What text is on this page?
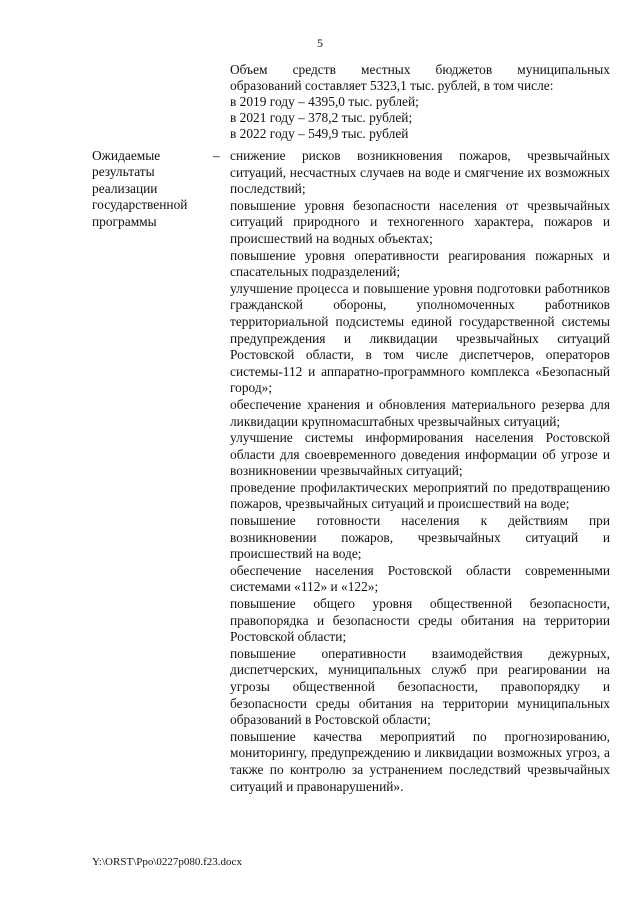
5
Объем средств местных бюджетов муниципальных
образований составляет 5323,1 тыс. рублей, в том числе:
в 2019 году – 4395,0 тыс. рублей;
в 2021 году – 378,2 тыс. рублей;
в 2022 году – 549,9 тыс. рублей
Ожидаемые результаты реализации государственной программы
– снижение рисков возникновения пожаров, чрезвычайных ситуаций, несчастных случаев на воде и смягчение их возможных последствий;

повышение уровня безопасности населения от чрезвычайных ситуаций природного и техногенного характера, пожаров и происшествий на водных объектах;

повышение уровня оперативности реагирования пожарных и спасательных подразделений;

улучшение процесса и повышение уровня подготовки работников гражданской обороны, уполномоченных работников территориальной подсистемы единой государственной системы предупреждения и ликвидации чрезвычайных ситуаций Ростовской области, в том числе диспетчеров, операторов системы-112 и аппаратно-программного комплекса «Безопасный город»;

обеспечение хранения и обновления материального резерва для ликвидации крупномасштабных чрезвычайных ситуаций;

улучшение системы информирования населения Ростовской области для своевременного доведения информации об угрозе и возникновении чрезвычайных ситуаций;

проведение профилактических мероприятий по предотвращению пожаров, чрезвычайных ситуаций и происшествий на воде;

повышение готовности населения к действиям при возникновении пожаров, чрезвычайных ситуаций и происшествий на воде;

обеспечение населения Ростовской области современными системами «112» и «122»;

повышение общего уровня общественной безопасности, правопорядка и безопасности среды обитания на территории Ростовской области;

повышение оперативности взаимодействия дежурных, диспетчерских, муниципальных служб при реагировании на угрозы общественной безопасности, правопорядку и безопасности среды обитания на территории муниципальных образований в Ростовской области;

повышение качества мероприятий по прогнозированию, мониторингу, предупреждению и ликвидации возможных угроз, а также по контролю за устранением последствий чрезвычайных ситуаций и правонарушений».

Y:\ORST\Ppo\0227p080.f23.docx
